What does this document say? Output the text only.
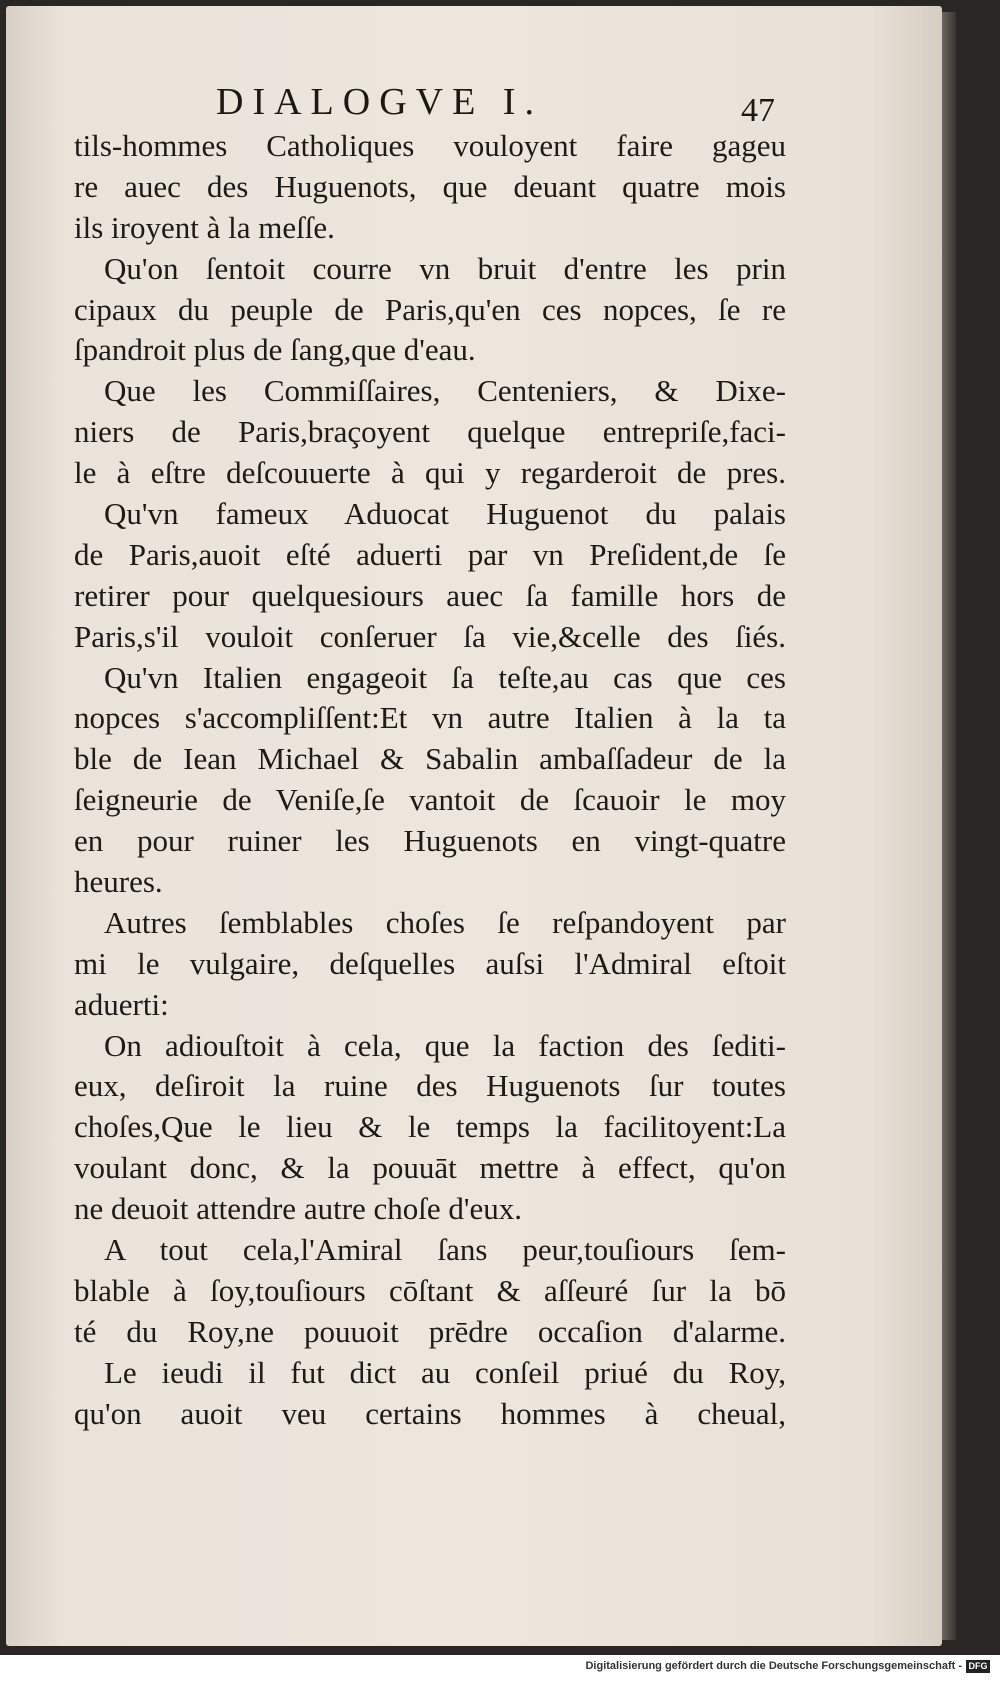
DIALOGVE I.	47
tils-hommes Catholiques vouloyent faire gageu
re auec des Huguenots, que deuant quatre mois
ils iroyent à la meſſe.
Qu'on ſentoit courre vn bruit d'entre les prin
cipaux du peuple de Paris,qu'en ces nopces, ſe re
ſpandroit plus de ſang,que d'eau.
Que les Commiſſaires, Centeniers, & Dixe-
niers de Paris,braçoyent quelque entrepriſe,faci-
le à eſtre deſcouuerte à qui y regarderoit de pres.
Qu'vn fameux Aduocat Huguenot du palais
de Paris,auoit eſté aduerti par vn Preſident,de ſe
retirer pour quelquesiours auec ſa famille hors de
Paris,s'il vouloit conſeruer ſa vie,&celle des ſiés.
Qu'vn Italien engageoit ſa teſte,au cas que ces
nopces s'accompliſſent:Et vn autre Italien à la ta
ble de Iean Michael & Sabalin ambaſſadeur de la
ſeigneurie de Veniſe,ſe vantoit de ſcauoir le moy
en pour ruiner les Huguenots en vingt-quatre
heures.
Autres ſemblables choſes ſe reſpandoyent par
mi le vulgaire, deſquelles auſsi l'Admiral eſtoit
aduerti:
On adiouſtoit à cela, que la faction des ſediti-
eux, deſiroit la ruine des Huguenots ſur toutes
choſes,Que le lieu & le temps la facilitoyent:La
voulant donc, & la pouuāt mettre à effect, qu'on
ne deuoit attendre autre choſe d'eux.
A tout cela,l'Amiral ſans peur,touſiours ſem-
blable à ſoy,touſiours cōſtant & aſſeuré ſur la bō
té du Roy,ne pouuoit prēdre occaſion d'alarme.
Le ieudi il fut dict au conſeil priué du Roy,
qu'on auoit veu certains hommes à cheual,
Digitalisierung gefördert durch die Deutsche Forschungsgemeinschaft - DFG
